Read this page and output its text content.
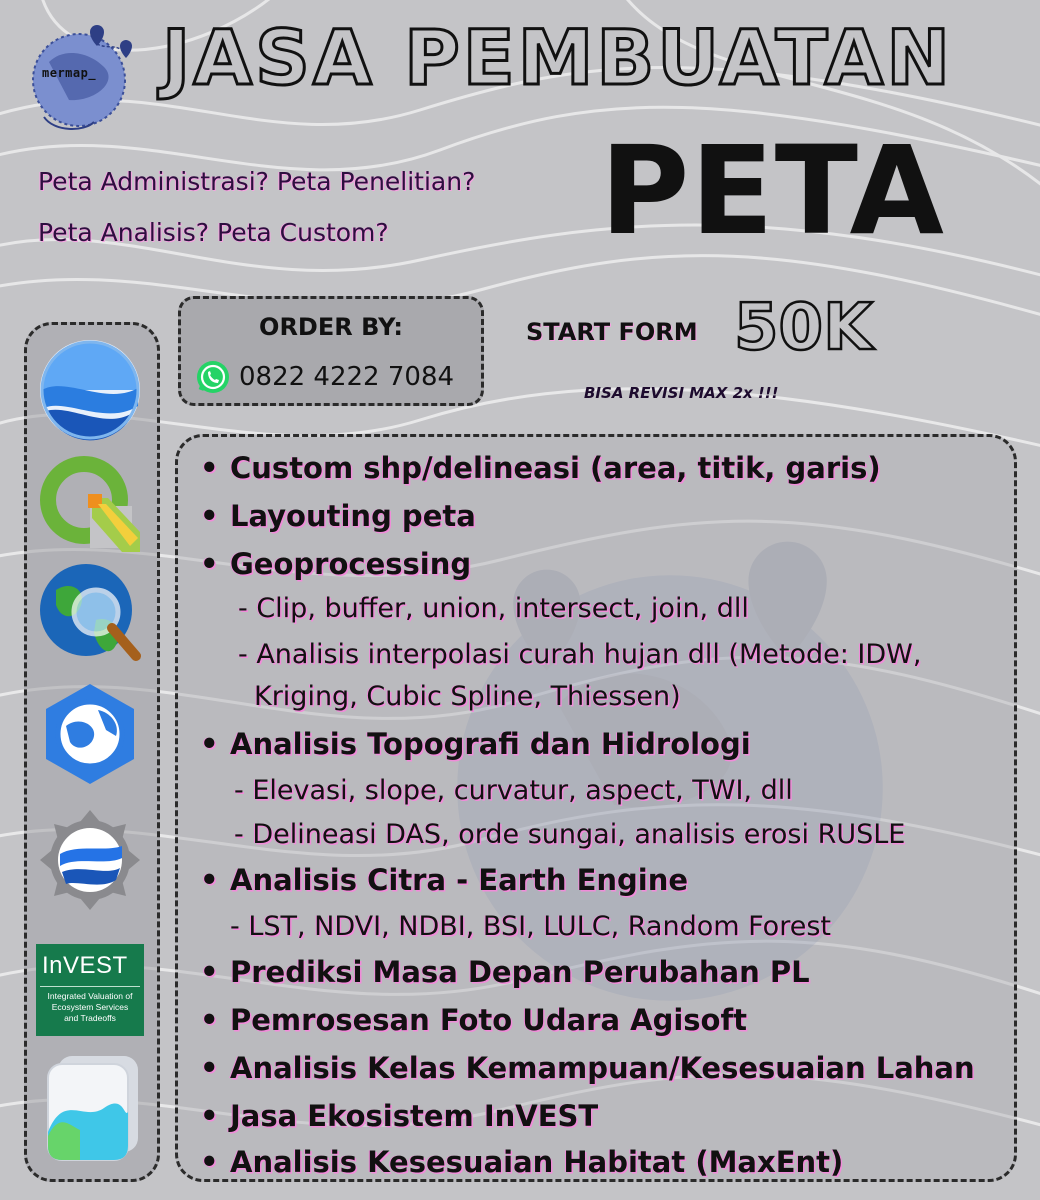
mermap_ JASA PEMBUATAN
PETA
Peta Administrasi? Peta Penelitian?
Peta Analisis? Peta Custom?
ORDER BY:
0822 4222 7084
START FORM 50K
BISA REVISI MAX 2x !!!
InVEST
Integrated Valuation of
Ecosystem Services
and Tradeoffs
• Custom shp/delineasi (area, titik, garis)
• Layouting peta
• Geoprocessing
- Clip, buffer, union, intersect, join, dll
- Analisis interpolasi curah hujan dll (Metode: IDW,
Kriging, Cubic Spline, Thiessen)
• Analisis Topografi dan Hidrologi
- Elevasi, slope, curvatur, aspect, TWI, dll
- Delineasi DAS, orde sungai, analisis erosi RUSLE
• Analisis Citra - Earth Engine
- LST, NDVI, NDBI, BSI, LULC, Random Forest
• Prediksi Masa Depan Perubahan PL
• Pemrosesan Foto Udara Agisoft
• Analisis Kelas Kemampuan/Kesesuaian Lahan
• Jasa Ekosistem InVEST
• Analisis Kesesuaian Habitat (MaxEnt)
